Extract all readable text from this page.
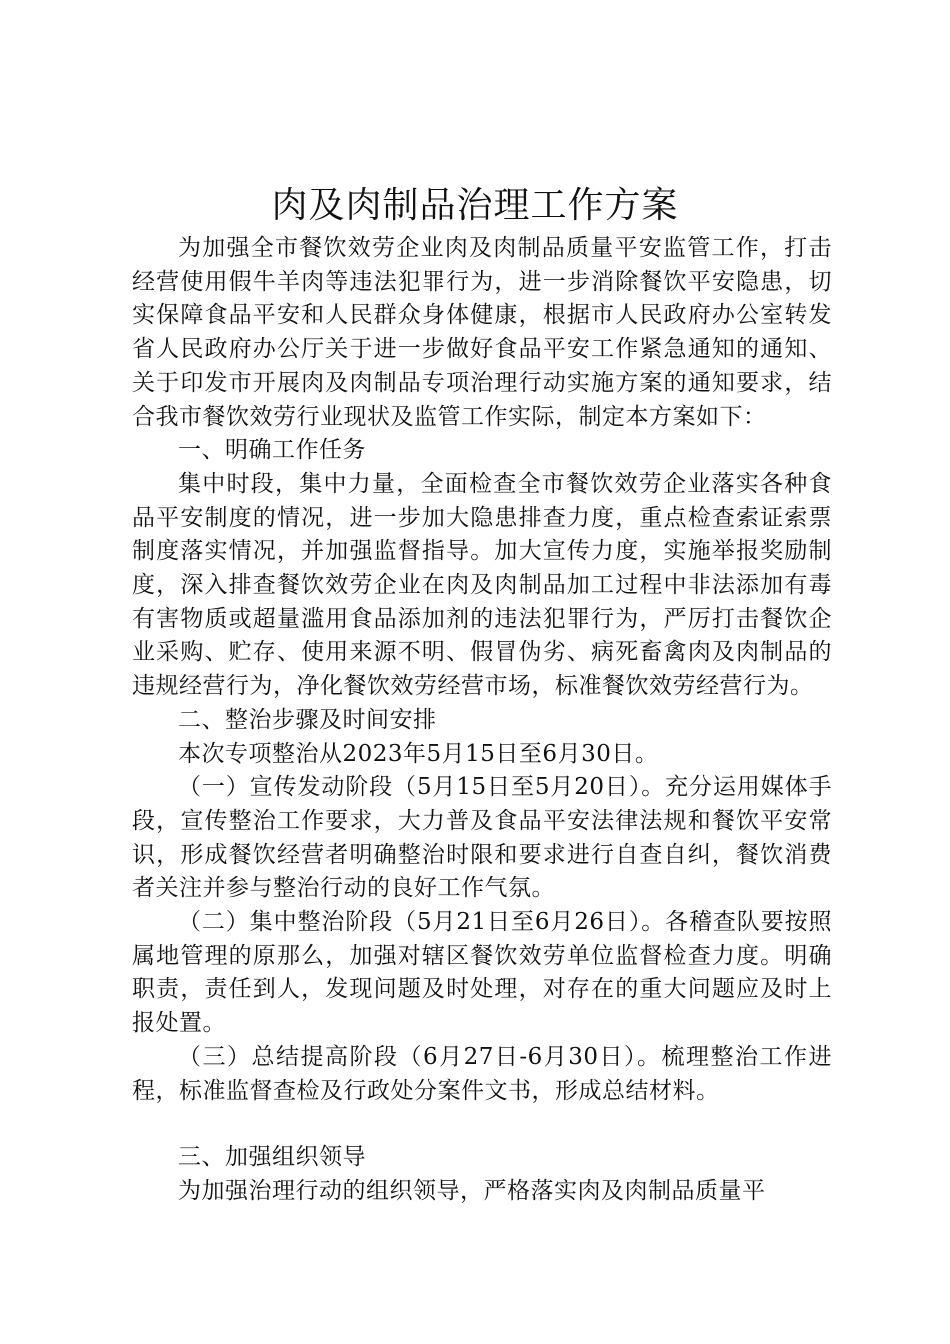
肉及肉制品治理工作方案

为加强全市餐饮效劳企业肉及肉制品质量平安监管工作，打击经营使用假牛羊肉等违法犯罪行为，进一步消除餐饮平安隐患，切实保障食品平安和人民群众身体健康，根据市人民政府办公室转发省人民政府办公厅关于进一步做好食品平安工作紧急通知的通知、关于印发市开展肉及肉制品专项治理行动实施方案的通知要求，结合我市餐饮效劳行业现状及监管工作实际，制定本方案如下：

一、明确工作任务

集中时段，集中力量，全面检查全市餐饮效劳企业落实各种食品平安制度的情况，进一步加大隐患排查力度，重点检查索证索票制度落实情况，并加强监督指导。加大宣传力度，实施举报奖励制度，深入排查餐饮效劳企业在肉及肉制品加工过程中非法添加有毒有害物质或超量滥用食品添加剂的违法犯罪行为，严厉打击餐饮企业采购、贮存、使用来源不明、假冒伪劣、病死畜禽肉及肉制品的违规经营行为，净化餐饮效劳经营市场，标准餐饮效劳经营行为。

二、整治步骤及时间安排

本次专项整治从2023年5月15日至6月30日。

（一）宣传发动阶段（5月15日至5月20日）。充分运用媒体手段，宣传整治工作要求，大力普及食品平安法律法规和餐饮平安常识，形成餐饮经营者明确整治时限和要求进行自查自纠，餐饮消费者关注并参与整治行动的良好工作气氛。

（二）集中整治阶段（5月21日至6月26日）。各稽查队要按照属地管理的原那么，加强对辖区餐饮效劳单位监督检查力度。明确职责，责任到人，发现问题及时处理，对存在的重大问题应及时上报处置。

（三）总结提高阶段（6月27日-6月30日）。梳理整治工作进程，标准监督查检及行政处分案件文书，形成总结材料。

三、加强组织领导

为加强治理行动的组织领导，严格落实肉及肉制品质量平
